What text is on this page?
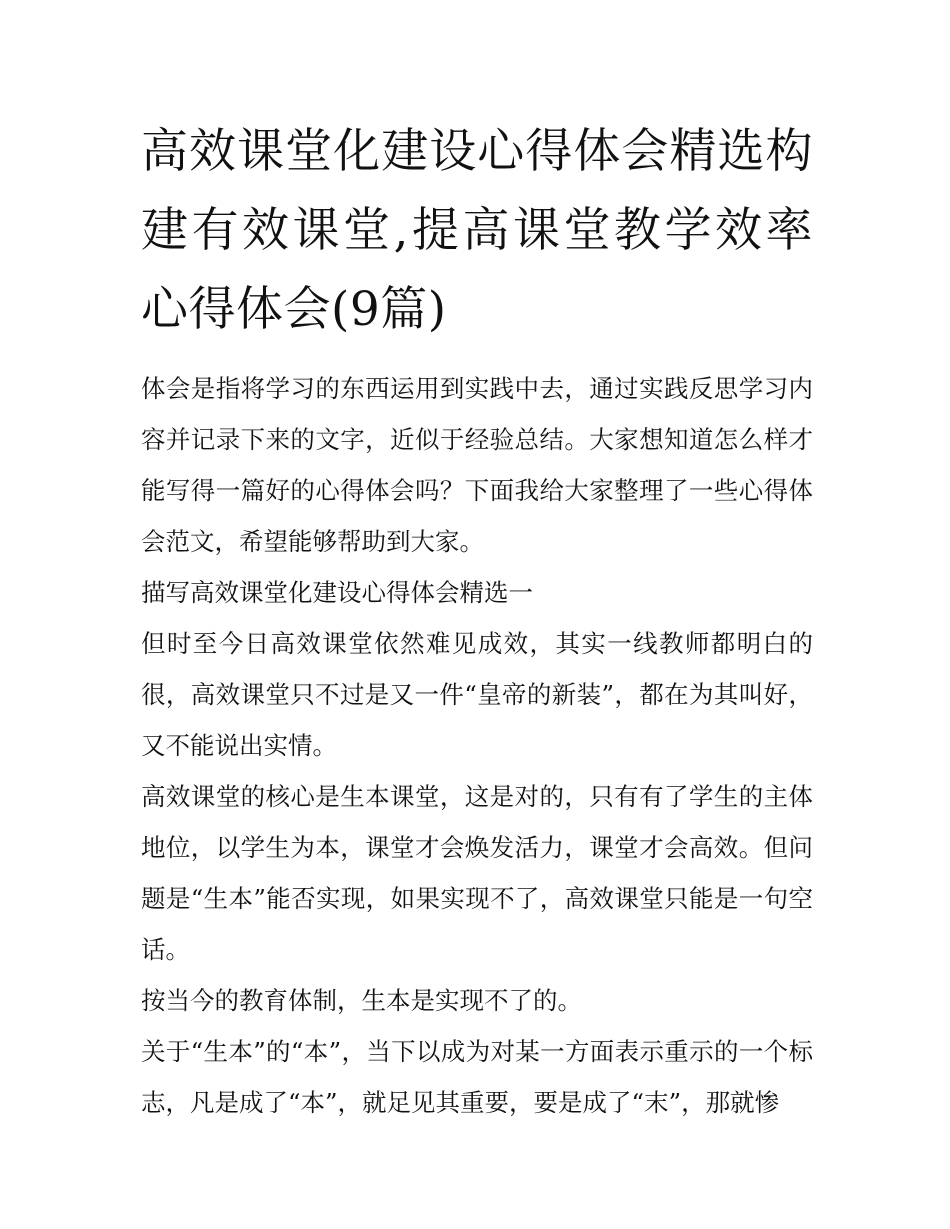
高效课堂化建设心得体会精选构建有效课堂,提高课堂教学效率心得体会(9篇)

体会是指将学习的东西运用到实践中去，通过实践反思学习内容并记录下来的文字，近似于经验总结。大家想知道怎么样才能写得一篇好的心得体会吗？下面我给大家整理了一些心得体会范文，希望能够帮助到大家。

描写高效课堂化建设心得体会精选一

但时至今日高效课堂依然难见成效，其实一线教师都明白的很，高效课堂只不过是又一件“皇帝的新装”，都在为其叫好，又不能说出实情。

高效课堂的核心是生本课堂，这是对的，只有有了学生的主体地位，以学生为本，课堂才会焕发活力，课堂才会高效。但问题是“生本”能否实现，如果实现不了，高效课堂只能是一句空话。

按当今的教育体制，生本是实现不了的。

关于“生本”的“本”，当下以成为对某一方面表示重示的一个标志，凡是成了“本”，就足见其重要，要是成了“末”，那就惨
